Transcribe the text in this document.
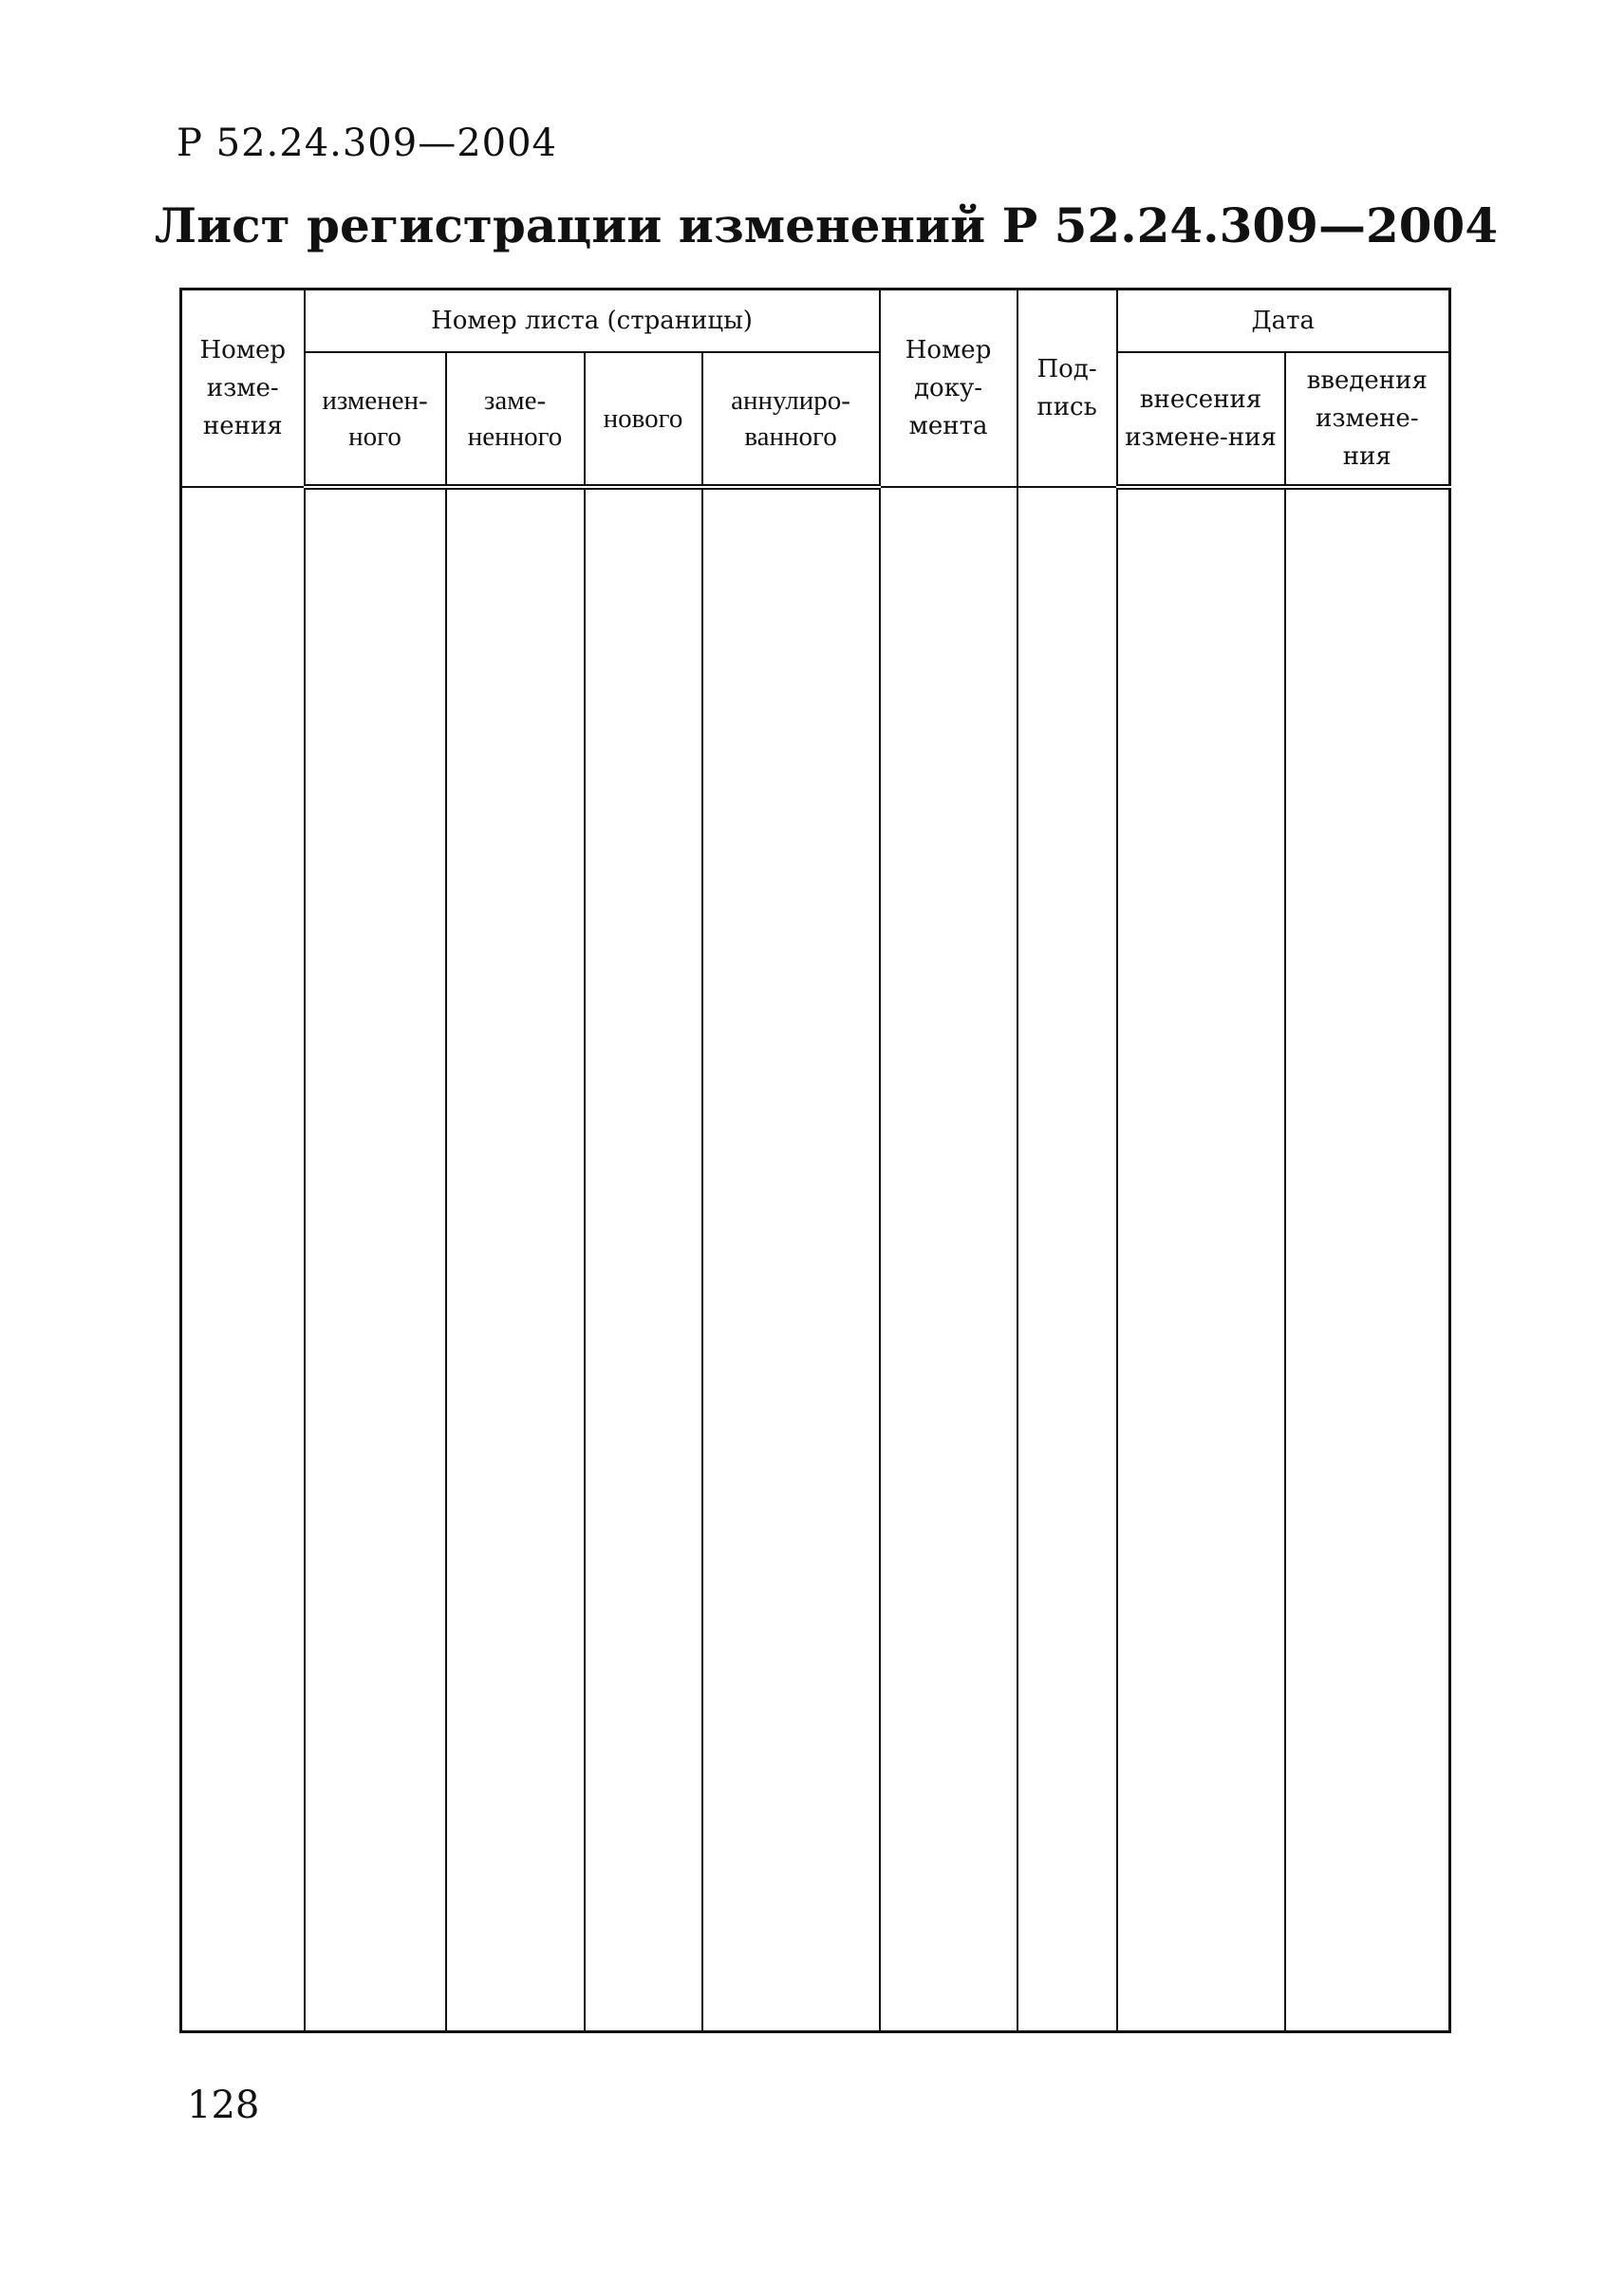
Р 52.24.309—2004
Лист регистрации изменений Р 52.24.309—2004
Номер изме-нения	Номер листа (страницы)				Номер доку-мента	Под-пись	Дата	
	изменен-ного	заме-ненного	нового	аннулиро-ванного			внесения измене-ния	введения измене-ния

128
